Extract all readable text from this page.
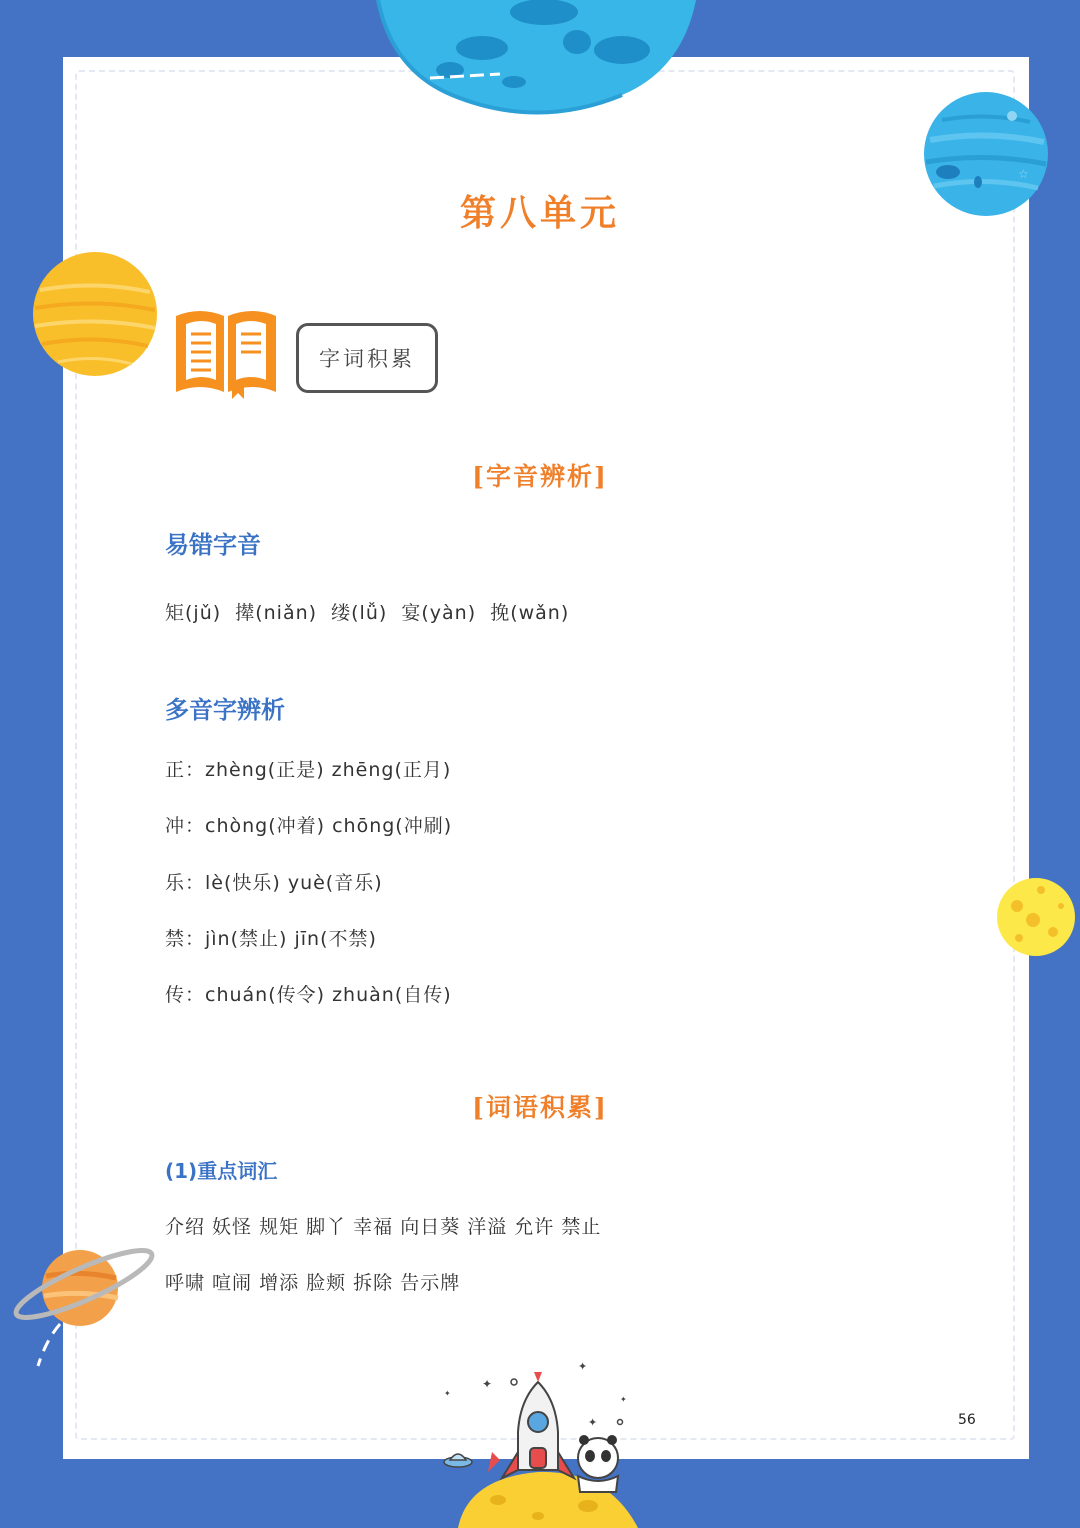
☆
第八单元
字词积累
[字音辨析]
易错字音
矩(jǔ)  撵(niǎn)  缕(lǚ)  宴(yàn)  挽(wǎn)
多音字辨析
正：zhèng(正是) zhēng(正月)
冲：chòng(冲着) chōng(冲刷)
乐：lè(快乐) yuè(音乐)
禁：jìn(禁止) jīn(不禁)
传：chuán(传令) zhuàn(自传)
[词语积累]
(1)重点词汇
介绍 妖怪 规矩 脚丫 幸福 向日葵 洋溢 允许 禁止
呼啸 喧闹 增添 脸颊 拆除 告示牌
56
✦
✦
✦
✦
✦
